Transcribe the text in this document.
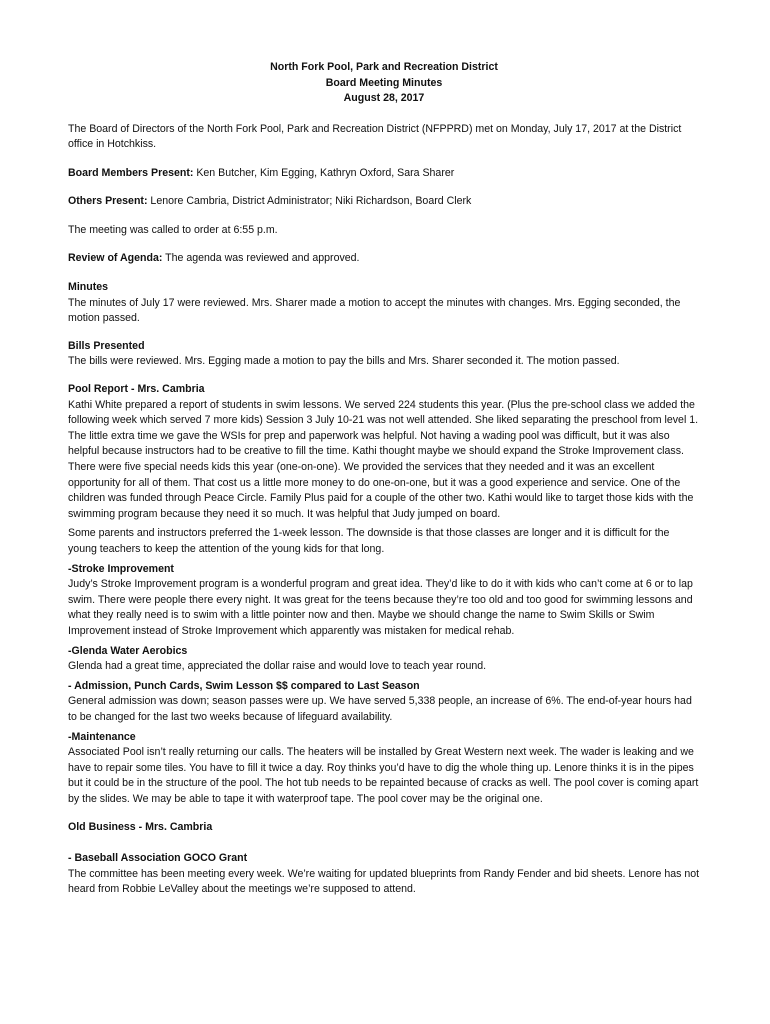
North Fork Pool, Park and Recreation District
Board Meeting Minutes
August 28, 2017

The Board of Directors of the North Fork Pool, Park and Recreation District (NFPPRD) met on Monday, July 17, 2017 at the District office in Hotchkiss.

Board Members Present: Ken Butcher, Kim Egging, Kathryn Oxford, Sara Sharer

Others Present: Lenore Cambria, District Administrator; Niki Richardson, Board Clerk

The meeting was called to order at 6:55 p.m.

Review of Agenda: The agenda was reviewed and approved.

Minutes

The minutes of July 17 were reviewed. Mrs. Sharer made a motion to accept the minutes with changes. Mrs. Egging seconded, the motion passed.

Bills Presented

The bills were reviewed. Mrs. Egging made a motion to pay the bills and Mrs. Sharer seconded it. The motion passed.

Pool Report - Mrs. Cambria

Kathi White prepared a report of students in swim lessons. We served 224 students this year. (Plus the pre-school class we added the following week which served 7 more kids) Session 3 July 10-21 was not well attended. She liked separating the preschool from level 1. The little extra time we gave the WSIs for prep and paperwork was helpful. Not having a wading pool was difficult, but it was also helpful because instructors had to be creative to fill the time. Kathi thought maybe we should expand the Stroke Improvement class. There were five special needs kids this year (one-on-one). We provided the services that they needed and it was an excellent opportunity for all of them. That cost us a little more money to do one-on-one, but it was a good experience and service. One of the children was funded through Peace Circle. Family Plus paid for a couple of the other two. Kathi would like to target those kids with the swimming program because they need it so much. It was helpful that Judy jumped on board.

Some parents and instructors preferred the 1-week lesson. The downside is that those classes are longer and it is difficult for the young teachers to keep the attention of the young kids for that long.

-Stroke Improvement

Judy’s Stroke Improvement program is a wonderful program and great idea. They’d like to do it with kids who can’t come at 6 or to lap swim. There were people there every night. It was great for the teens because they’re too old and too good for swimming lessons and what they really need is to swim with a little pointer now and then. Maybe we should change the name to Swim Skills or Swim Improvement instead of Stroke Improvement which apparently was mistaken for medical rehab.

-Glenda Water Aerobics

Glenda had a great time, appreciated the dollar raise and would love to teach year round.

- Admission, Punch Cards, Swim Lesson $$ compared to Last Season

General admission was down; season passes were up. We have served 5,338 people, an increase of 6%. The end-of-year hours had to be changed for the last two weeks because of lifeguard availability.

-Maintenance

Associated Pool isn’t really returning our calls. The heaters will be installed by Great Western next week. The wader is leaking and we have to repair some tiles. You have to fill it twice a day. Roy thinks you’d have to dig the whole thing up. Lenore thinks it is in the pipes but it could be in the structure of the pool. The hot tub needs to be repainted because of cracks as well. The pool cover is coming apart by the slides. We may be able to tape it with waterproof tape. The pool cover may be the original one.

Old Business - Mrs. Cambria

- Baseball Association GOCO Grant

The committee has been meeting every week. We’re waiting for updated blueprints from Randy Fender and bid sheets. Lenore has not heard from Robbie LeValley about the meetings we’re supposed to attend.
